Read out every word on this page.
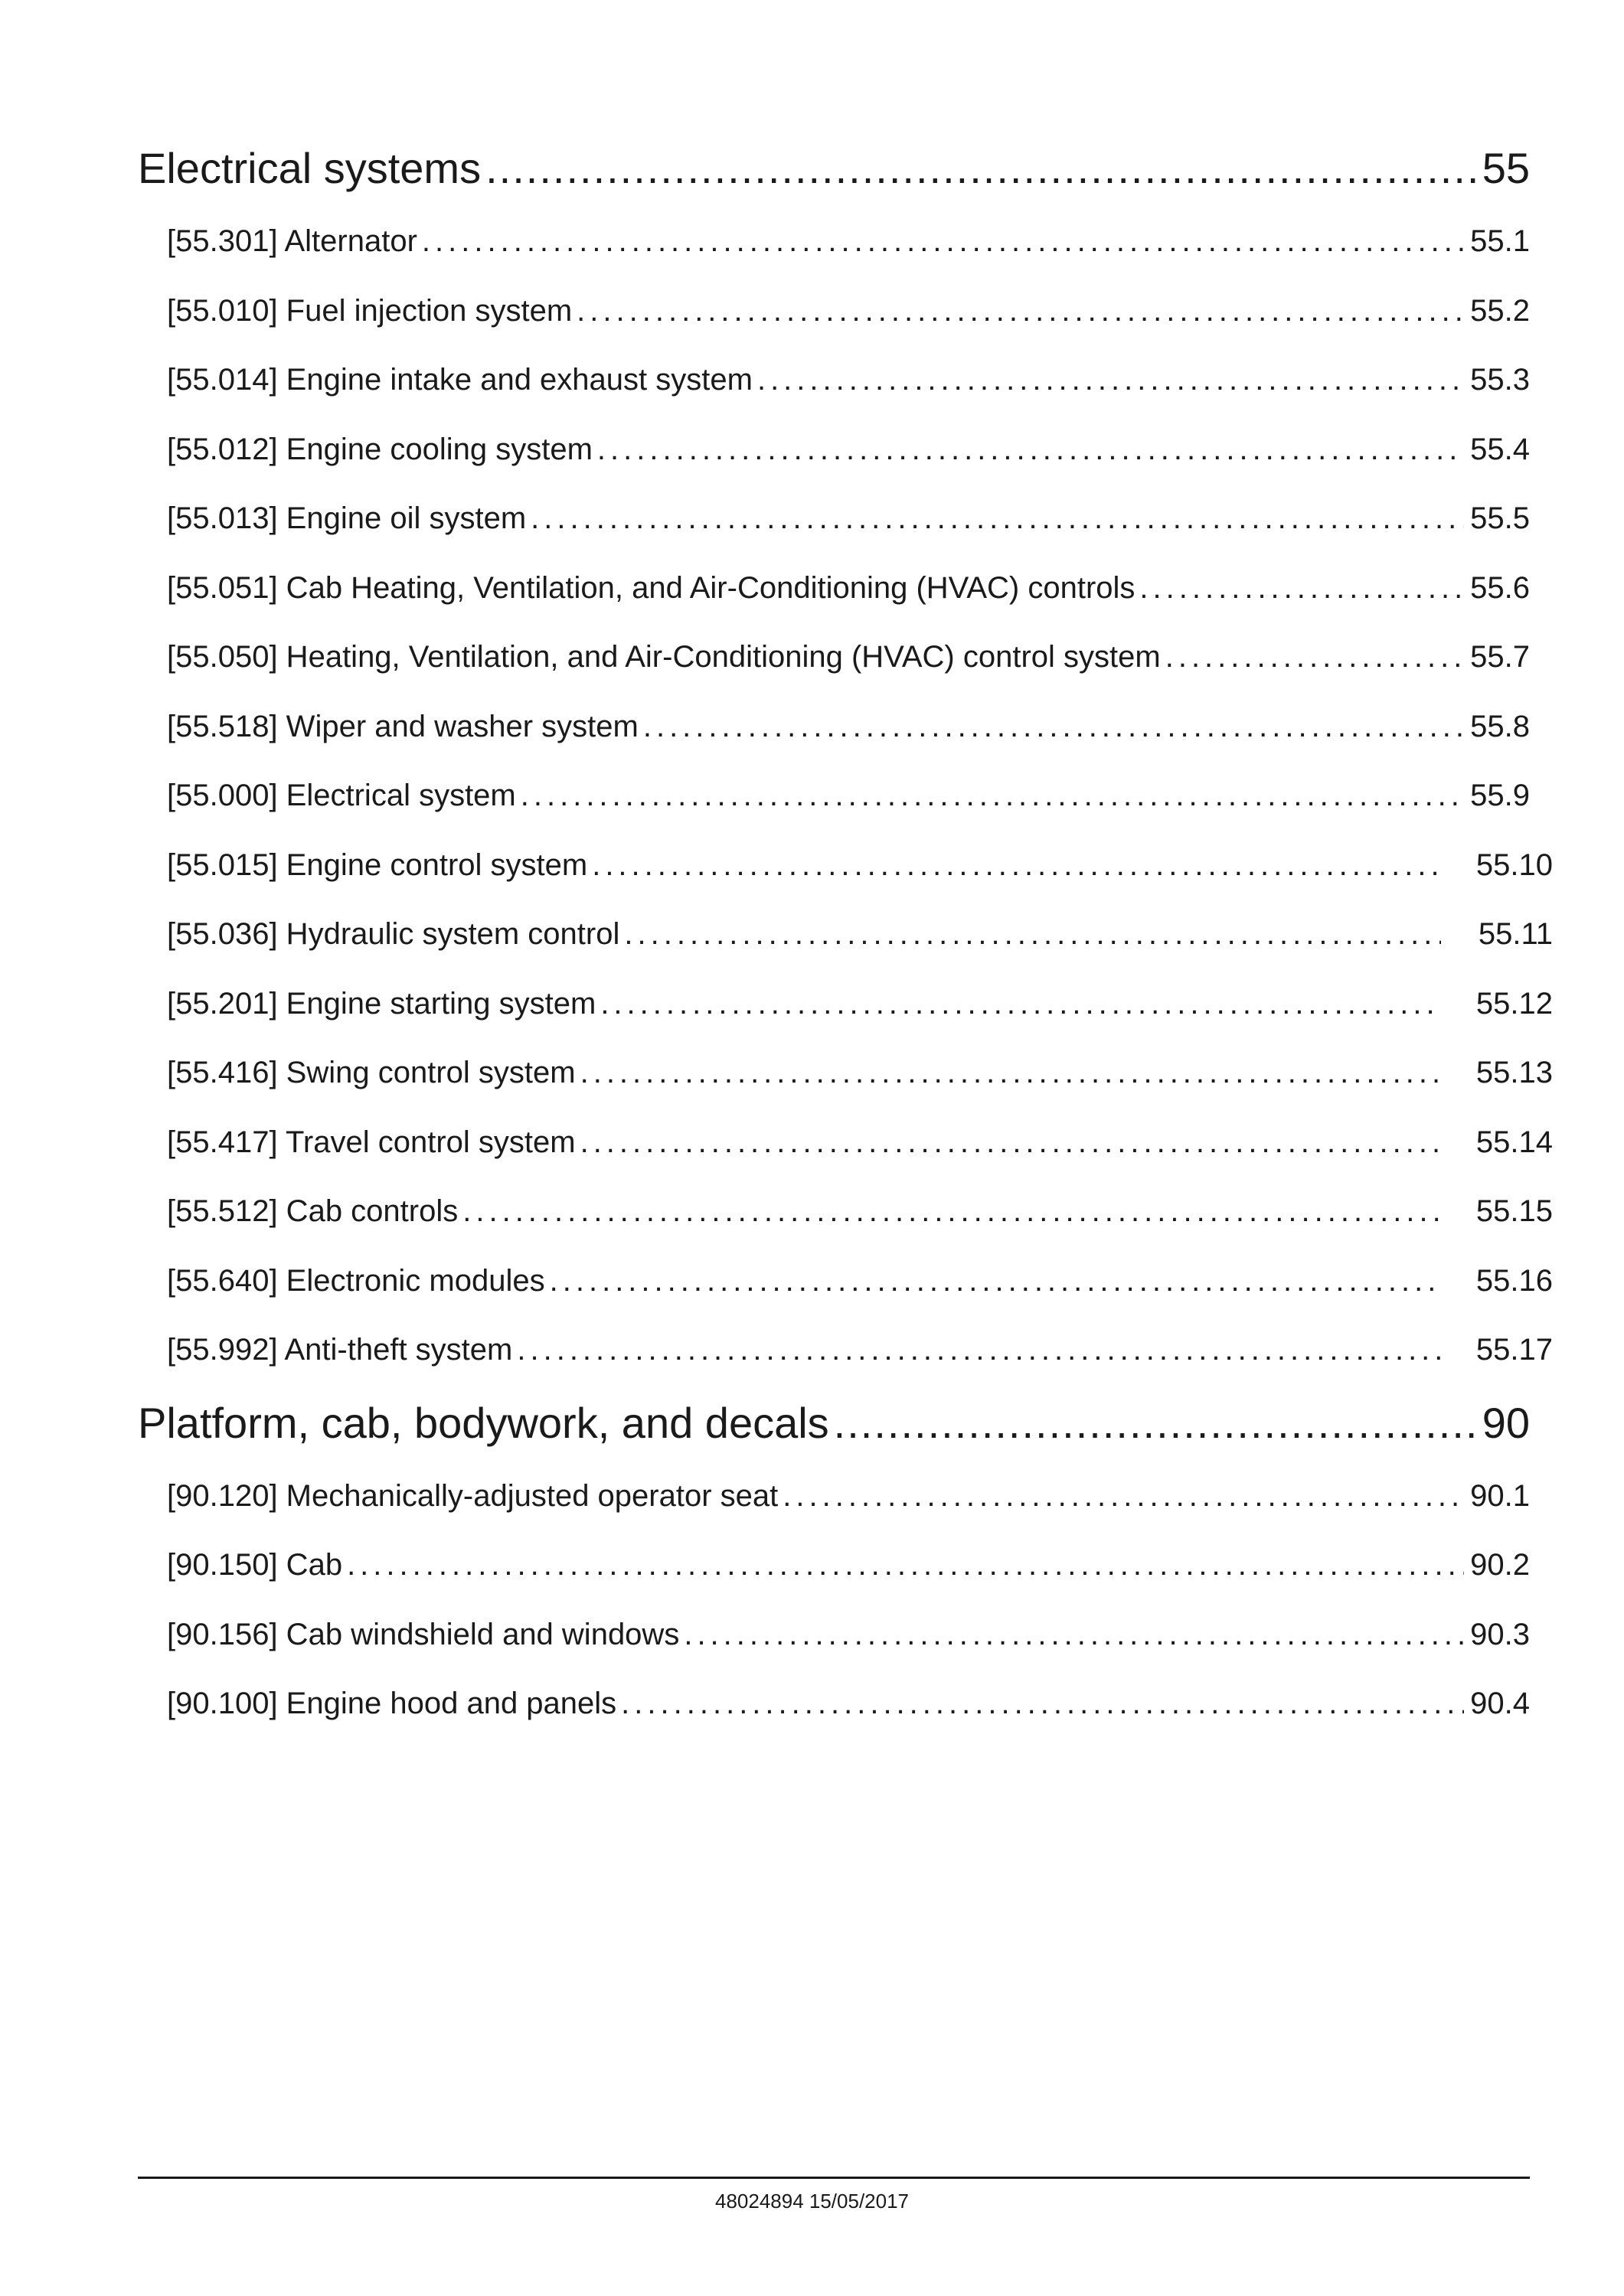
Electrical systems .....	55
[55.301] Alternator .....	55.1
[55.010] Fuel injection system .....	55.2
[55.014] Engine intake and exhaust system .....	55.3
[55.012] Engine cooling system .....	55.4
[55.013] Engine oil system .....	55.5
[55.051] Cab Heating, Ventilation, and Air-Conditioning (HVAC) controls .....	55.6
[55.050] Heating, Ventilation, and Air-Conditioning (HVAC) control system .....	55.7
[55.518] Wiper and washer system .....	55.8
[55.000] Electrical system .....	55.9
[55.015] Engine control system .....	55.10
[55.036] Hydraulic system control .....	55.11
[55.201] Engine starting system .....	55.12
[55.416] Swing control system .....	55.13
[55.417] Travel control system .....	55.14
[55.512] Cab controls .....	55.15
[55.640] Electronic modules .....	55.16
[55.992] Anti-theft system .....	55.17
Platform, cab, bodywork, and decals .....	90
[90.120] Mechanically-adjusted operator seat .....	90.1
[90.150] Cab .....	90.2
[90.156] Cab windshield and windows .....	90.3
[90.100] Engine hood and panels .....	90.4
48024894 15/05/2017
